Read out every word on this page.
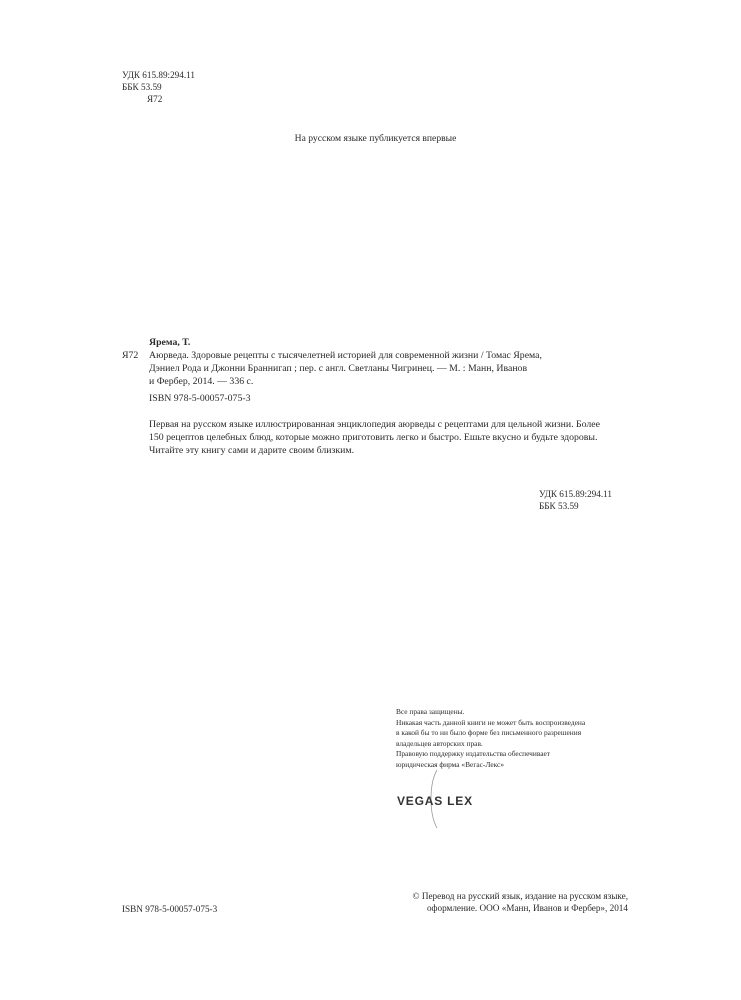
УДК 615.89:294.11
ББК 53.59
Я72
На русском языке публикуется впервые
Ярема, Т.
Я72 Аюрведа. Здоровые рецепты с тысячелетней историей для современной жизни / Томас Ярема,
Дэниел Рода и Джонни Браннигап ; пер. с англ. Светланы Чигринец. — М. : Манн, Иванов
и Фербер, 2014. — 336 с.
ISBN 978-5-00057-075-3
Первая на русском языке иллюстрированная энциклопедия аюрведы с рецептами для цельной жизни. Более
150 рецептов целебных блюд, которые можно приготовить легко и быстро. Ешьте вкусно и будьте здоровы.
Читайте эту книгу сами и дарите своим близким.
УДК 615.89:294.11
ББК 53.59
Все права защищены.
Никакая часть данной книги не может быть воспроизведена
в какой бы то ни было форме без письменного разрешения
владельцев авторских прав.
Правовую поддержку издательства обеспечивает
юридическая фирма «Вегас-Лекс»
VEGAS LEX
ISBN 978-5-00057-075-3
© Перевод на русский язык, издание на русском языке,
оформление. ООО «Манн, Иванов и Фербер», 2014
